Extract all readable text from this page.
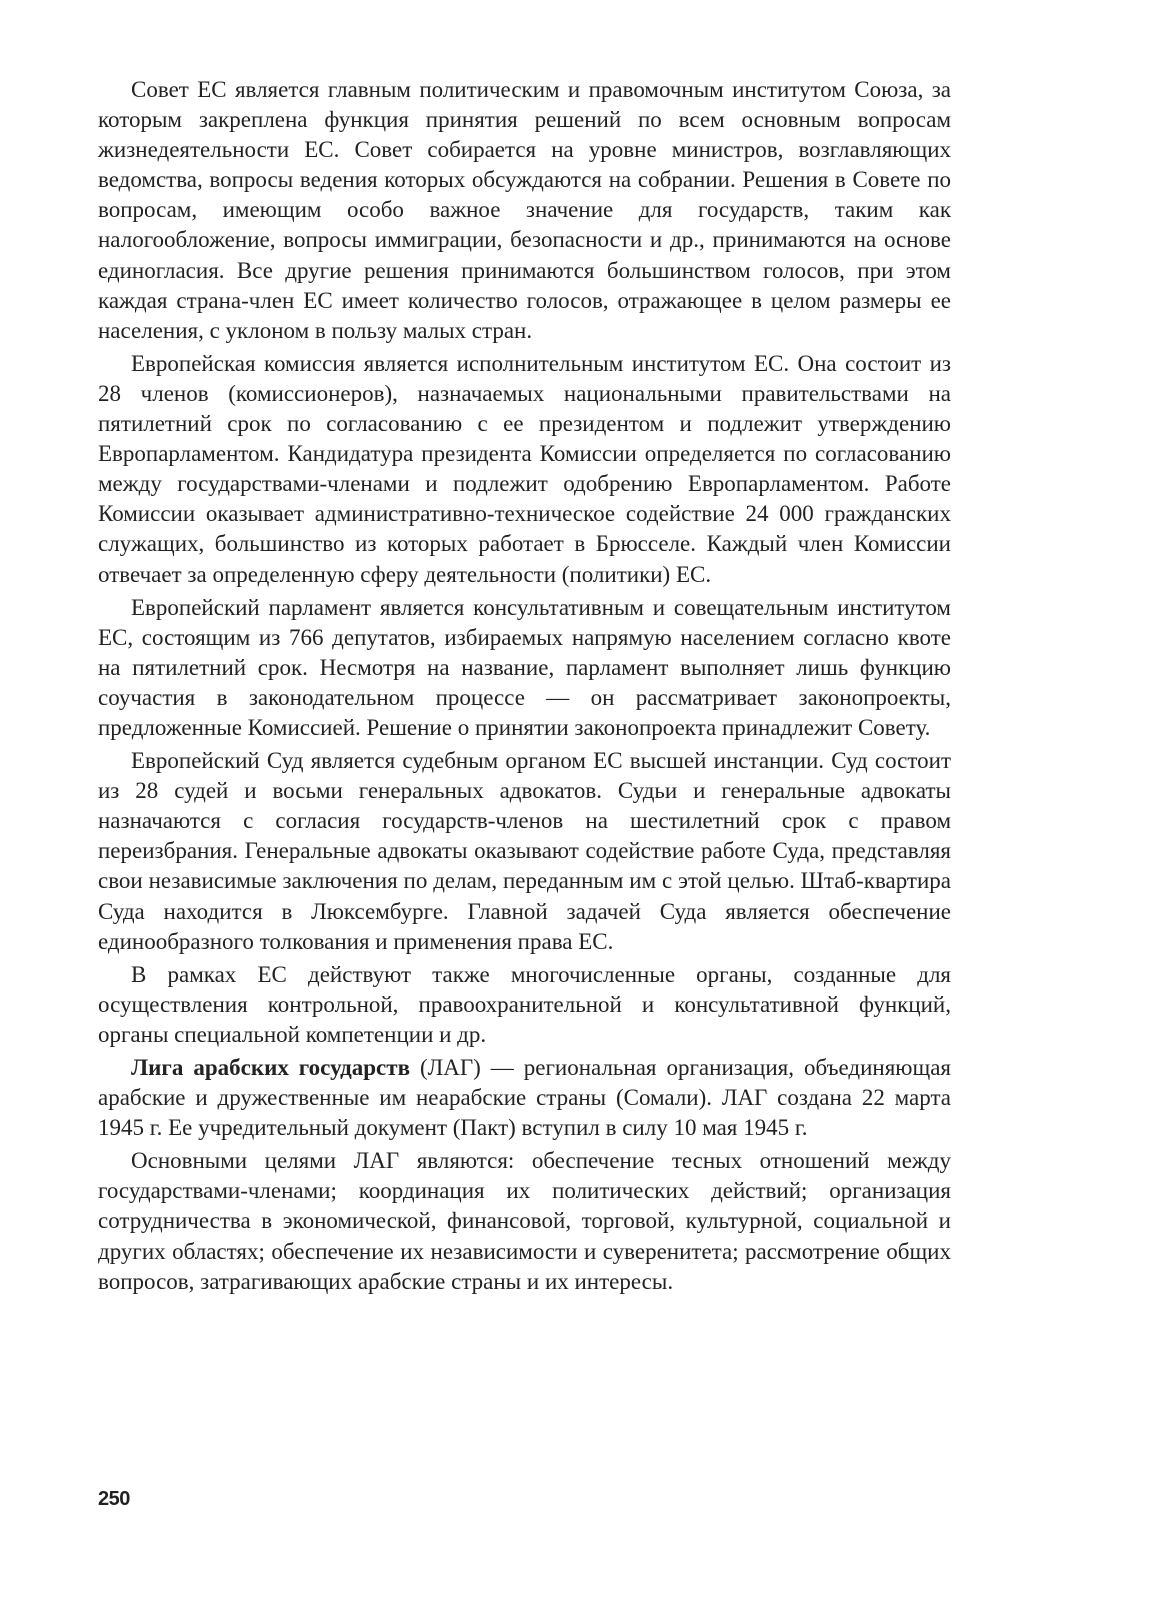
Совет ЕС является главным политическим и правомочным институтом Союза, за которым закреплена функция принятия решений по всем основным вопросам жизнедеятельности ЕС. Совет собирается на уровне министров, возглавляющих ведомства, вопросы ведения которых обсуждаются на собрании. Решения в Совете по вопросам, имеющим особо важное значение для государств, таким как налогообложение, вопросы иммиграции, безопасности и др., принимаются на основе единогласия. Все другие решения принимаются большинством голосов, при этом каждая страна-член ЕС имеет количество голосов, отражающее в целом размеры ее населения, с уклоном в пользу малых стран.

Европейская комиссия является исполнительным институтом ЕС. Она состоит из 28 членов (комиссионеров), назначаемых национальными правительствами на пятилетний срок по согласованию с ее президентом и подлежит утверждению Европарламентом. Кандидатура президента Комиссии определяется по согласованию между государствами-членами и подлежит одобрению Европарламентом. Работе Комиссии оказывает административно-техническое содействие 24 000 гражданских служащих, большинство из которых работает в Брюсселе. Каждый член Комиссии отвечает за определенную сферу деятельности (политики) ЕС.

Европейский парламент является консультативным и совещательным институтом ЕС, состоящим из 766 депутатов, избираемых напрямую населением согласно квоте на пятилетний срок. Несмотря на название, парламент выполняет лишь функцию соучастия в законодательном процессе — он рассматривает законопроекты, предложенные Комиссией. Решение о принятии законопроекта принадлежит Совету.

Европейский Суд является судебным органом ЕС высшей инстанции. Суд состоит из 28 судей и восьми генеральных адвокатов. Судьи и генеральные адвокаты назначаются с согласия государств-членов на шестилетний срок с правом переизбрания. Генеральные адвокаты оказывают содействие работе Суда, представляя свои независимые заключения по делам, переданным им с этой целью. Штаб-квартира Суда находится в Люксембурге. Главной задачей Суда является обеспечение единообразного толкования и применения права ЕС.

В рамках ЕС действуют также многочисленные органы, созданные для осуществления контрольной, правоохранительной и консультативной функций, органы специальной компетенции и др.

Лига арабских государств (ЛАГ) — региональная организация, объединяющая арабские и дружественные им неарабские страны (Сомали). ЛАГ создана 22 марта 1945 г. Ее учредительный документ (Пакт) вступил в силу 10 мая 1945 г.

Основными целями ЛАГ являются: обеспечение тесных отношений между государствами-членами; координация их политических действий; организация сотрудничества в экономической, финансовой, торговой, культурной, социальной и других областях; обеспечение их независимости и суверенитета; рассмотрение общих вопросов, затрагивающих арабские страны и их интересы.

250
